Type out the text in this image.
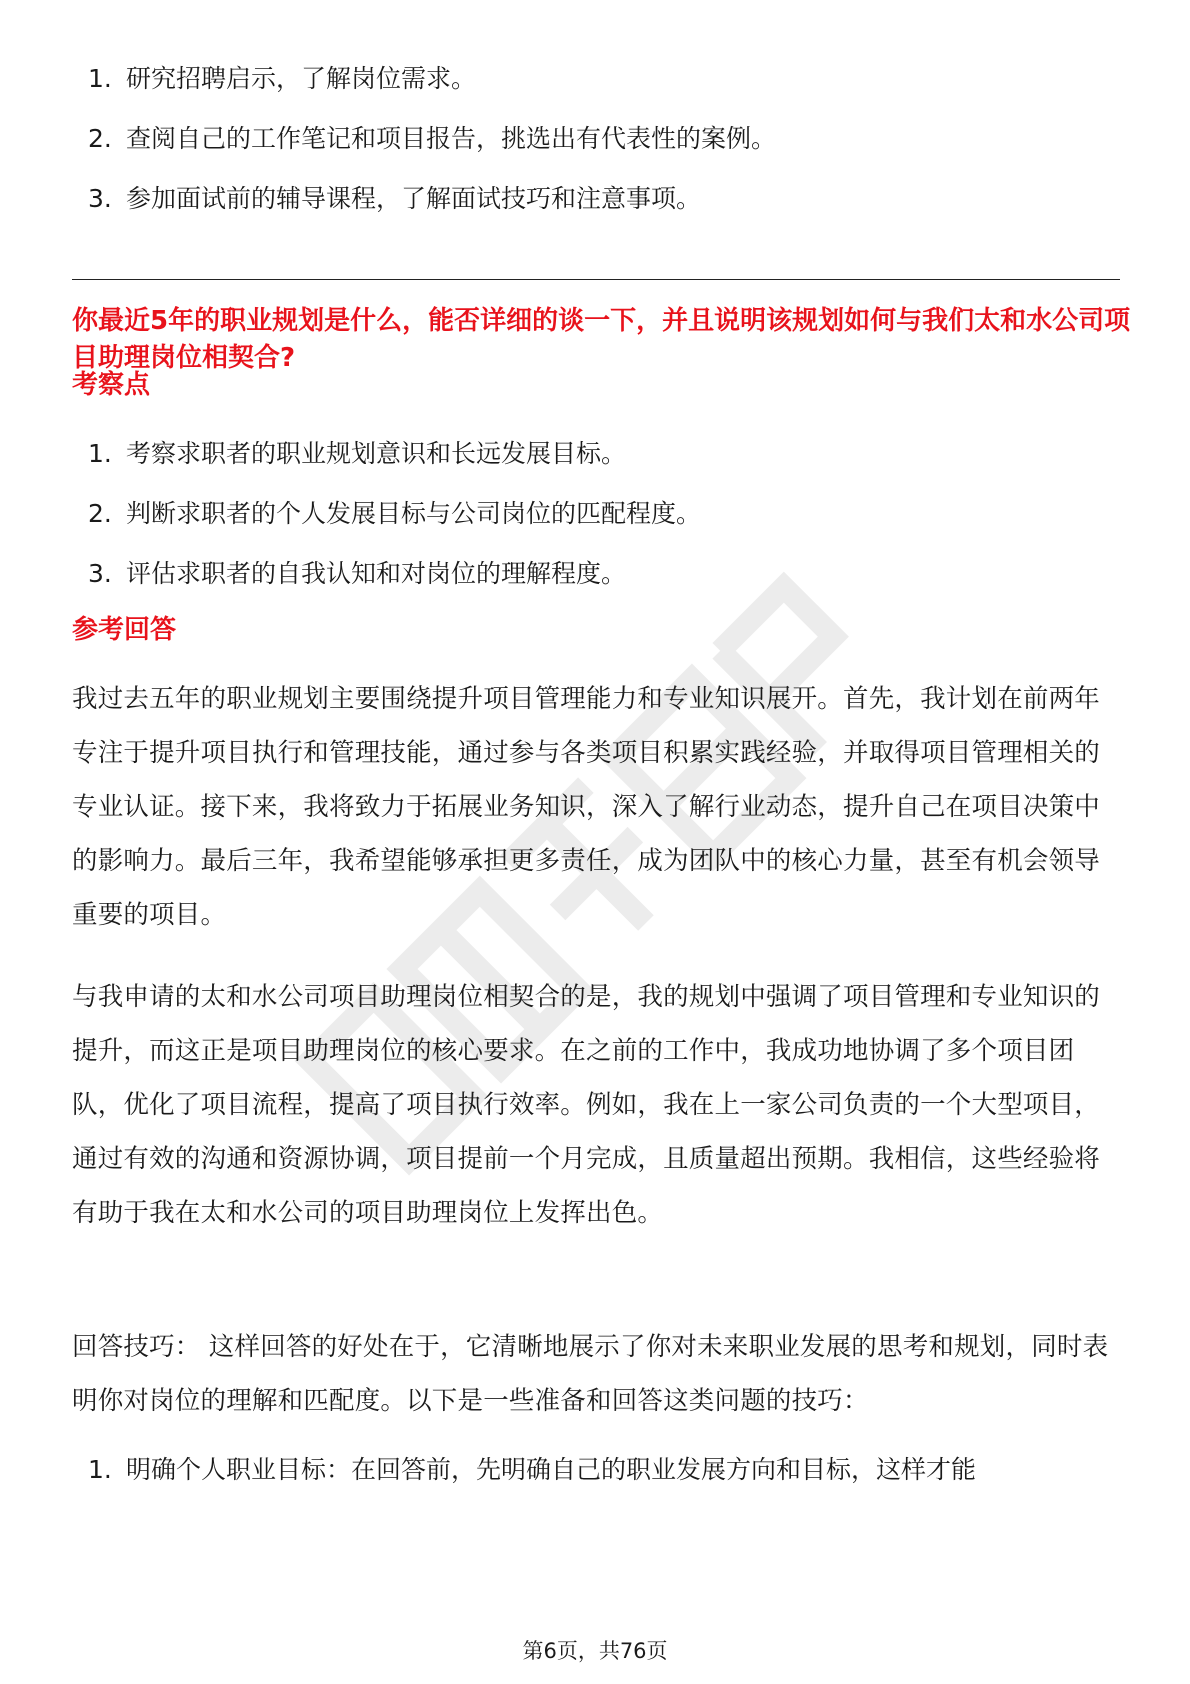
1. 研究招聘启示，了解岗位需求。
2. 查阅自己的工作笔记和项目报告，挑选出有代表性的案例。
3. 参加面试前的辅导课程，了解面试技巧和注意事项。
你最近5年的职业规划是什么，能否详细的谈一下，并且说明该规划如何与我们太和水公司项目助理岗位相契合?
考察点
1. 考察求职者的职业规划意识和长远发展目标。
2. 判断求职者的个人发展目标与公司岗位的匹配程度。
3. 评估求职者的自我认知和对岗位的理解程度。
参考回答

我过去五年的职业规划主要围绕提升项目管理能力和专业知识展开。首先，我计划在前两年专注于提升项目执行和管理技能，通过参与各类项目积累实践经验，并取得项目管理相关的专业认证。接下来，我将致力于拓展业务知识，深入了解行业动态，提升自己在项目决策中的影响力。最后三年，我希望能够承担更多责任，成为团队中的核心力量，甚至有机会领导重要的项目。

与我申请的太和水公司项目助理岗位相契合的是，我的规划中强调了项目管理和专业知识的提升，而这正是项目助理岗位的核心要求。在之前的工作中，我成功地协调了多个项目团队，优化了项目流程，提高了项目执行效率。例如，我在上一家公司负责的一个大型项目，通过有效的沟通和资源协调，项目提前一个月完成，且质量超出预期。我相信，这些经验将有助于我在太和水公司的项目助理岗位上发挥出色。

回答技巧： 这样回答的好处在于，它清晰地展示了你对未来职业发展的思考和规划，同时表明你对岗位的理解和匹配度。以下是一些准备和回答这类问题的技巧：

1. 明确个人职业目标：在回答前，先明确自己的职业发展方向和目标，这样才能
第6页，共76页
